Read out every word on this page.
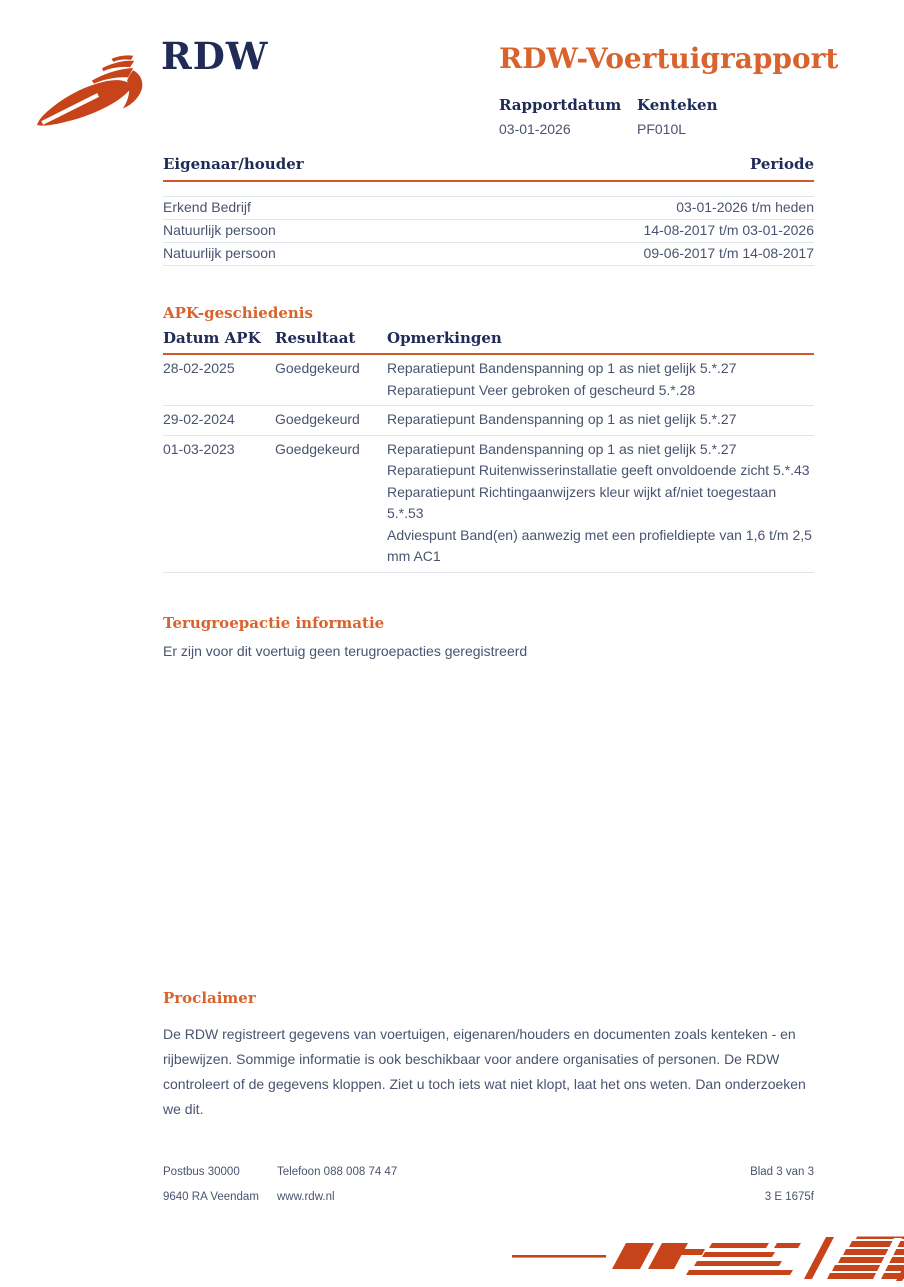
RDW	RDW-Voertuigrapport
Rapportdatum
03-01-2026
Kenteken
PF010L
Eigenaar/houder	Periode
Erkend Bedrijf	03-01-2026 t/m heden
Natuurlijk persoon	14-08-2017 t/m 03-01-2026
Natuurlijk persoon	09-06-2017 t/m 14-08-2017
APK-geschiedenis
Datum APK Resultaat	Opmerkingen
28-02-2025	Goedgekeurd	Reparatiepunt Bandenspanning op 1 as niet gelijk 5.*.27
Reparatiepunt Veer gebroken of gescheurd 5.*.28
29-02-2024	Goedgekeurd	Reparatiepunt Bandenspanning op 1 as niet gelijk 5.*.27
01-03-2023	Goedgekeurd	Reparatiepunt Bandenspanning op 1 as niet gelijk 5.*.27
Reparatiepunt Ruitenwisserinstallatie geeft onvoldoende zicht 5.*.43
Reparatiepunt Richtingaanwijzers kleur wijkt af/niet toegestaan 5.*.53
Adviespunt Band(en) aanwezig met een profieldiepte van 1,6 t/m 2,5 mm AC1
Terugroepactie informatie
Er zijn voor dit voertuig geen terugroepacties geregistreerd
Proclaimer
De RDW registreert gegevens van voertuigen, eigenaren/houders en documenten zoals kenteken - en rijbewijzen. Sommige informatie is ook beschikbaar voor andere organisaties of personen. De RDW controleert of de gegevens kloppen. Ziet u toch iets wat niet klopt, laat het ons weten. Dan onderzoeken we dit.
Postbus 30000	Telefoon 088 008 74 47	Blad 3 van 3
9640 RA Veendam	www.rdw.nl	3 E 1675f
